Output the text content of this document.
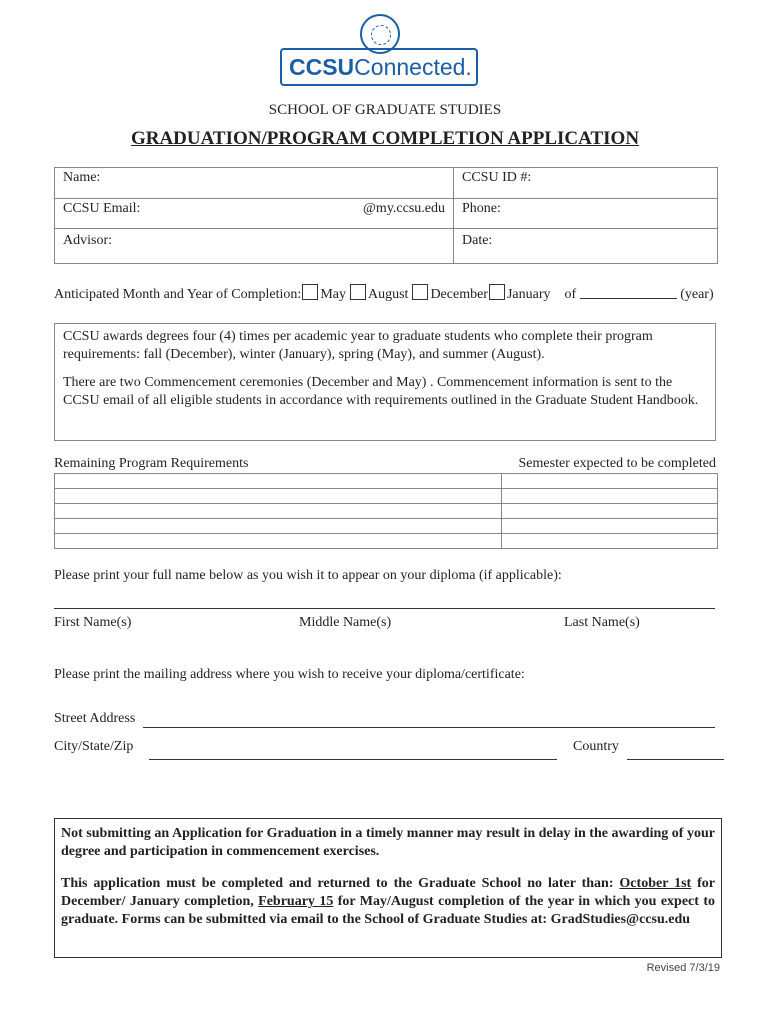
CCSUConnected.
SCHOOL OF GRADUATE STUDIES
GRADUATION/PROGRAM COMPLETION APPLICATION
Name:	CCSU ID #:
CCSU Email: @my.ccsu.edu	Phone:
Advisor:	Date:
Anticipated Month and Year of Completion: May August December January of	(year)

CCSU awards degrees four (4) times per academic year to graduate students who complete their program requirements: fall (December), winter (January), spring (May), and summer (August).

There are two Commencement ceremonies (December and May) . Commencement information is sent to the CCSU email of all eligible students in accordance with requirements outlined in the Graduate Student Handbook.

Remaining Program Requirements	Semester expected to be completed

Please print your full name below as you wish it to appear on your diploma (if applicable):
First Name(s)	Middle Name(s)	Last Name(s)
Please print the mailing address where you wish to receive your diploma/certificate:
Street Address
City/State/Zip	Country

Not submitting an Application for Graduation in a timely manner may result in delay in the awarding of your degree and participation in commencement exercises.

This application must be completed and returned to the Graduate School no later than: October 1st for December/ January completion, February 15 for May/August completion of the year in which you expect to graduate. Forms can be submitted via email to the School of Graduate Studies at: GradStudies@ccsu.edu

Revised 7/3/19
